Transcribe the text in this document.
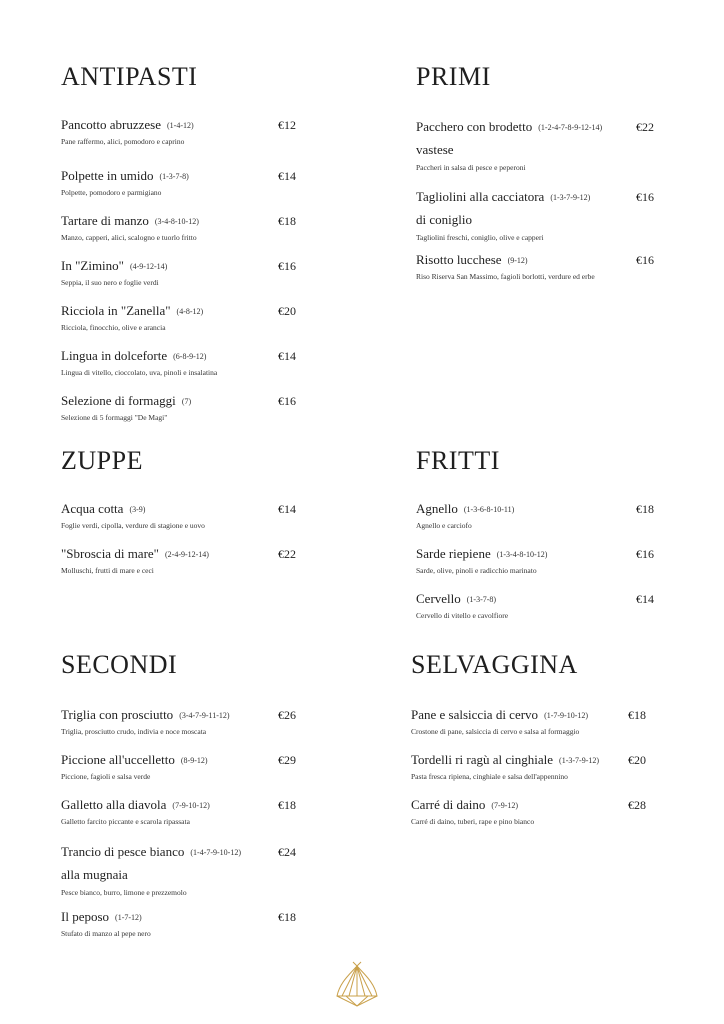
ANTIPASTI
Pancotto abruzzese (1-4-12)	€12
Pane raffermo, alici, pomodoro e caprino
Polpette in umido (1-3-7-8)	€14
Polpette, pomodoro e parmigiano
Tartare di manzo (3-4-8-10-12)	€18
Manzo, capperi, alici, scalogno e tuorlo fritto
In "Zimino" (4-9-12-14)	€16
Seppia, il suo nero e foglie verdi
Ricciola in "Zanella" (4-8-12)	€20
Ricciola, finocchio, olive e arancia
Lingua in dolceforte (6-8-9-12)	€14
Lingua di vitello, cioccolato, uva, pinoli e insalatina
Selezione di formaggi (7)	€16
Selezione di 5 formaggi "De Magi"
PRIMI
Pacchero con brodetto (1-2-4-7-8-9-12-14)
vastese
€22
Paccheri in salsa di pesce e peperoni
Tagliolini alla cacciatora (1-3-7-9-12)
di coniglio
€16
Tagliolini freschi, coniglio, olive e capperi
Risotto lucchese (9-12)	€16
Riso Riserva San Massimo, fagioli borlotti, verdure ed erbe
ZUPPE
Acqua cotta (3-9)	€14
Foglie verdi, cipolla, verdure di stagione e uovo
"Sbroscia di mare" (2-4-9-12-14)	€22
Molluschi, frutti di mare e ceci
FRITTI
Agnello (1-3-6-8-10-11)	€18
Agnello e carciofo
Sarde riepiene (1-3-4-8-10-12)	€16
Sarde, olive, pinoli e radicchio marinato
Cervello (1-3-7-8)	€14
Cervello di vitello e cavolfiore
SECONDI
Triglia con prosciutto (3-4-7-9-11-12)	€26
Triglia, prosciutto crudo, indivia e noce moscata
Piccione all'uccelletto (8-9-12)	€29
Piccione, fagioli e salsa verde
Galletto alla diavola (7-9-10-12)	€18
Galletto farcito piccante e scarola ripassata
Trancio di pesce bianco (1-4-7-9-10-12)
alla mugnaia
€24
Pesce bianco, burro, limone e prezzemolo
Il peposo (1-7-12)	€18
Stufato di manzo al pepe nero
SELVAGGINA
Pane e salsiccia di cervo (1-7-9-10-12)	€18
Crostone di pane, salsiccia di cervo e salsa al formaggio
Tordelli ri ragù al cinghiale (1-3-7-9-12) €20
Pasta fresca ripiena, cinghiale e salsa dell'appennino
Carré di daino (7-9-12)	€28
Carré di daino, tuberi, rape e pino bianco
